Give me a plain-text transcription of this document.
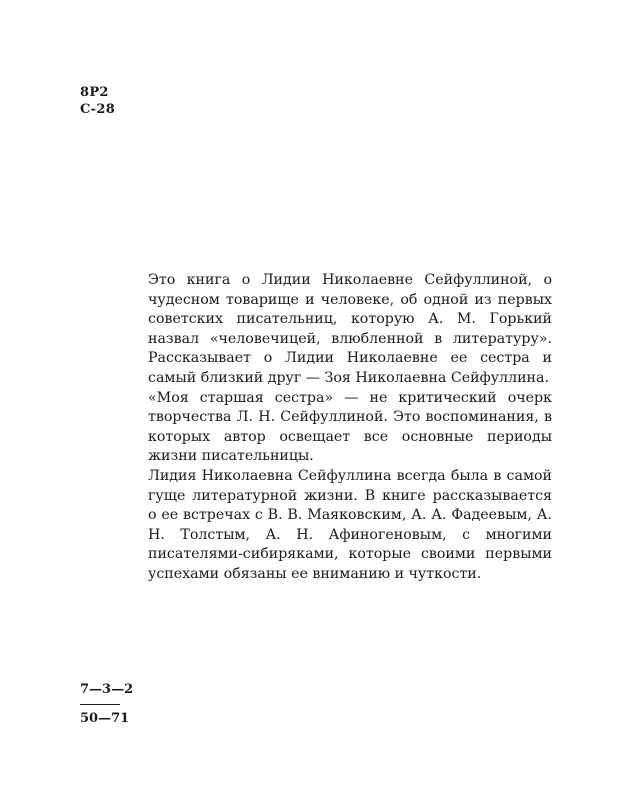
8Р2
С-28

Это книга о Лидии Николаевне Сейфуллиной, о чудесном товарище и человеке, об одной из первых советских писательниц, которую А. М. Горький назвал «человечицей, влюбленной в литературу». Рассказывает о Лидии Николаевне ее сестра и самый близкий друг — Зоя Николаевна Сейфуллина.

«Моя старшая сестра» — не критический очерк творчества Л. Н. Сейфуллиной. Это воспоминания, в которых автор освещает все основные периоды жизни писательницы.

Лидия Николаевна Сейфуллина всегда была в самой гуще литературной жизни. В книге рассказывается о ее встречах с В. В. Маяковским, А. А. Фадеевым, А. Н. Толстым, А. Н. Афиногеновым, с многими писателями-сибиряками, которые своими первыми успехами обязаны ее вниманию и чуткости.

7—3—2
50—71
